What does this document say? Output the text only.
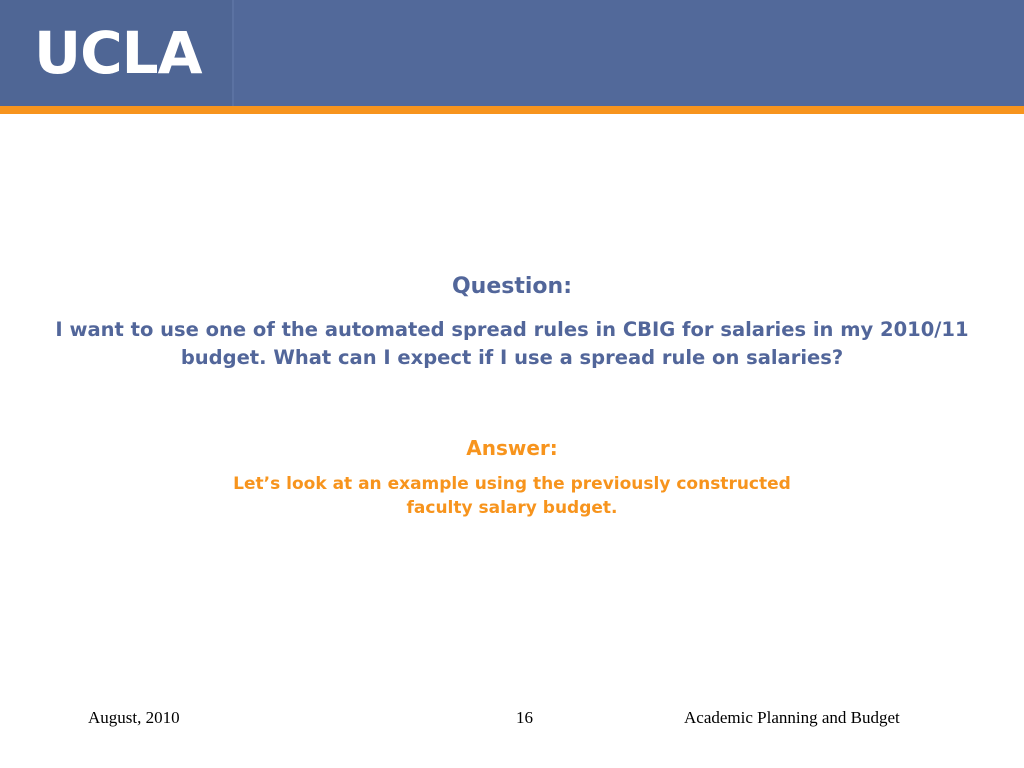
UCLA
Question:
I want to use one of the automated spread rules in CBIG for salaries in my 2010/11 budget. What can I expect if I use a spread rule on salaries?
Answer:
Let’s look at an example using the previously constructed faculty salary budget.
August, 2010	16	Academic Planning and Budget
